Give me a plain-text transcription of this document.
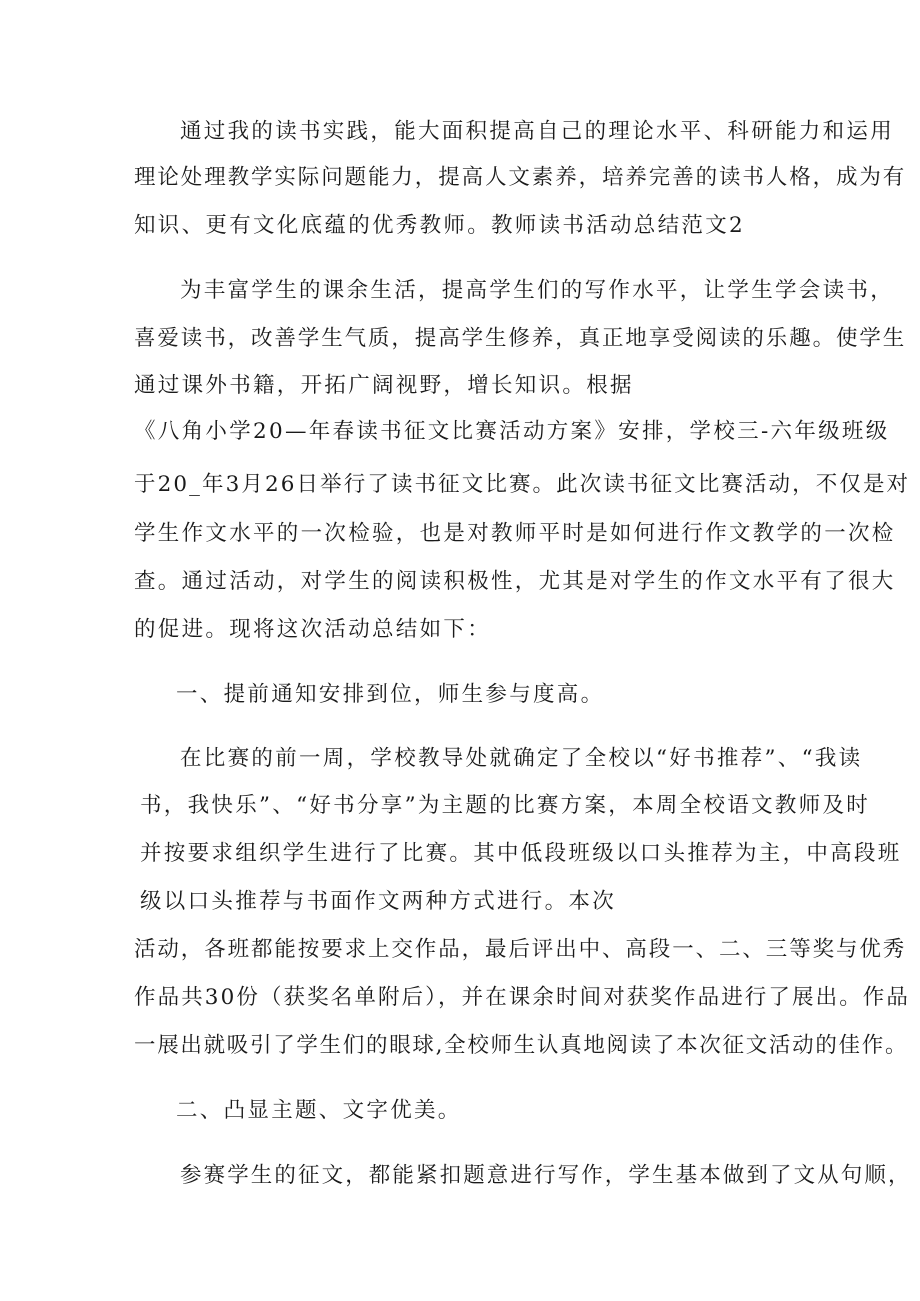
通过我的读书实践，能大面积提高自己的理论水平、科研能力和运用

理论处理教学实际问题能力，提高人文素养，培养完善的读书人格，成为有

知识、更有文化底蕴的优秀教师。教师读书活动总结范文2

为丰富学生的课余生活，提高学生们的写作水平，让学生学会读书，

喜爱读书，改善学生气质，提高学生修养，真正地享受阅读的乐趣。使学生

通过课外书籍，开拓广阔视野，增长知识。根据

《八角小学20—年春读书征文比赛活动方案》安排，学校三-六年级班级

于20_年3月26日举行了读书征文比赛。此次读书征文比赛活动，不仅是对

学生作文水平的一次检验，也是对教师平时是如何进行作文教学的一次检

查。通过活动，对学生的阅读积极性，尤其是对学生的作文水平有了很大

的促进。现将这次活动总结如下：

一、提前通知安排到位，师生参与度高。

在比赛的前一周，学校教导处就确定了全校以“好书推荐”、“我读

书，我快乐”、“好书分享”为主题的比赛方案，本周全校语文教师及时

并按要求组织学生进行了比赛。其中低段班级以口头推荐为主，中高段班

级以口头推荐与书面作文两种方式进行。本次

活动，各班都能按要求上交作品，最后评出中、高段一、二、三等奖与优秀

作品共30份（获奖名单附后），并在课余时间对获奖作品进行了展出。作品

一展出就吸引了学生们的眼球,全校师生认真地阅读了本次征文活动的佳作。

二、凸显主题、文字优美。

参赛学生的征文，都能紧扣题意进行写作，学生基本做到了文从句顺，
